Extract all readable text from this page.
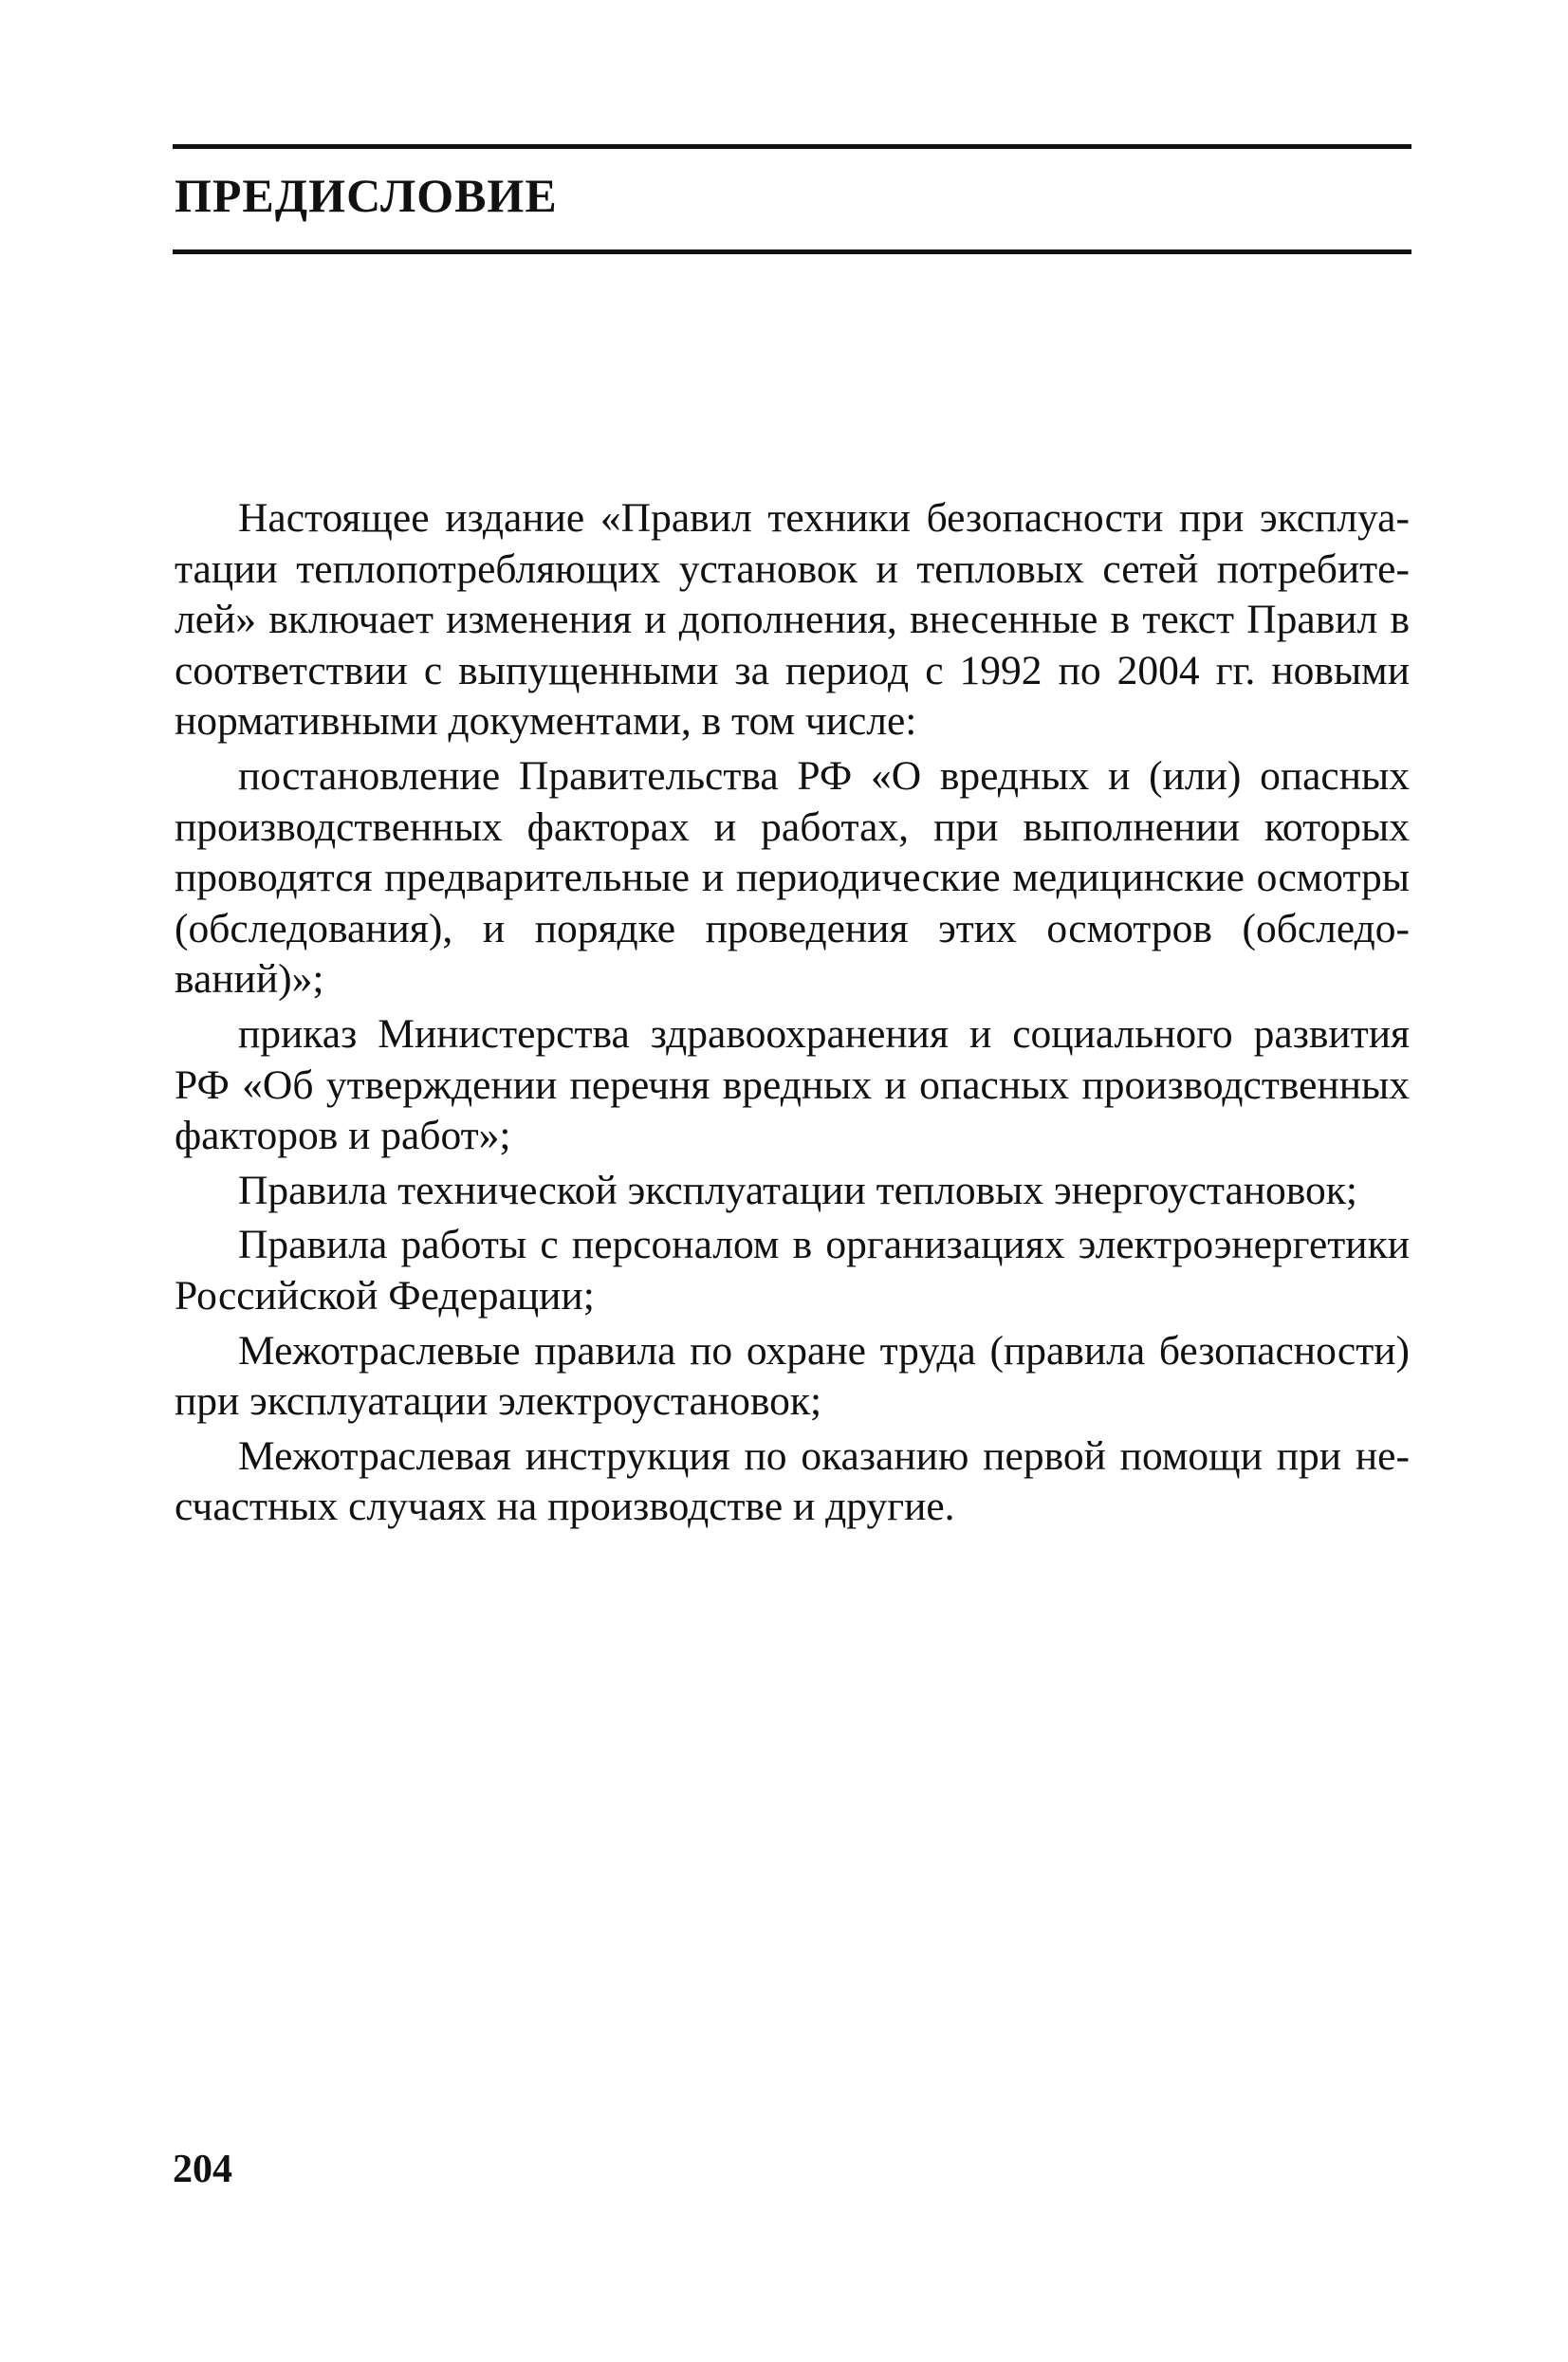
ПРЕДИСЛОВИЕ

Настоящее издание «Правил техники безопасности при эксплуатации теплопотребляющих установок и тепловых сетей потребителей» включает изменения и дополнения, внесенные в текст Правил в соответствии с выпущенными за период с 1992 по 2004 гг. новыми нормативными документами, в том числе:

постановление Правительства РФ «О вредных и (или) опасных производственных факторах и работах, при выполнении которых проводятся предварительные и периодические медицинские осмотры (обследования), и порядке проведения этих осмотров (обследований)»;

приказ Министерства здравоохранения и социального развития РФ «Об утверждении перечня вредных и опасных производственных факторов и работ»;

Правила технической эксплуатации тепловых энергоустановок;

Правила работы с персоналом в организациях электроэнергетики Российской Федерации;

Межотраслевые правила по охране труда (правила безопасности) при эксплуатации электроустановок;

Межотраслевая инструкция по оказанию первой помощи при несчастных случаях на производстве и другие.

204
